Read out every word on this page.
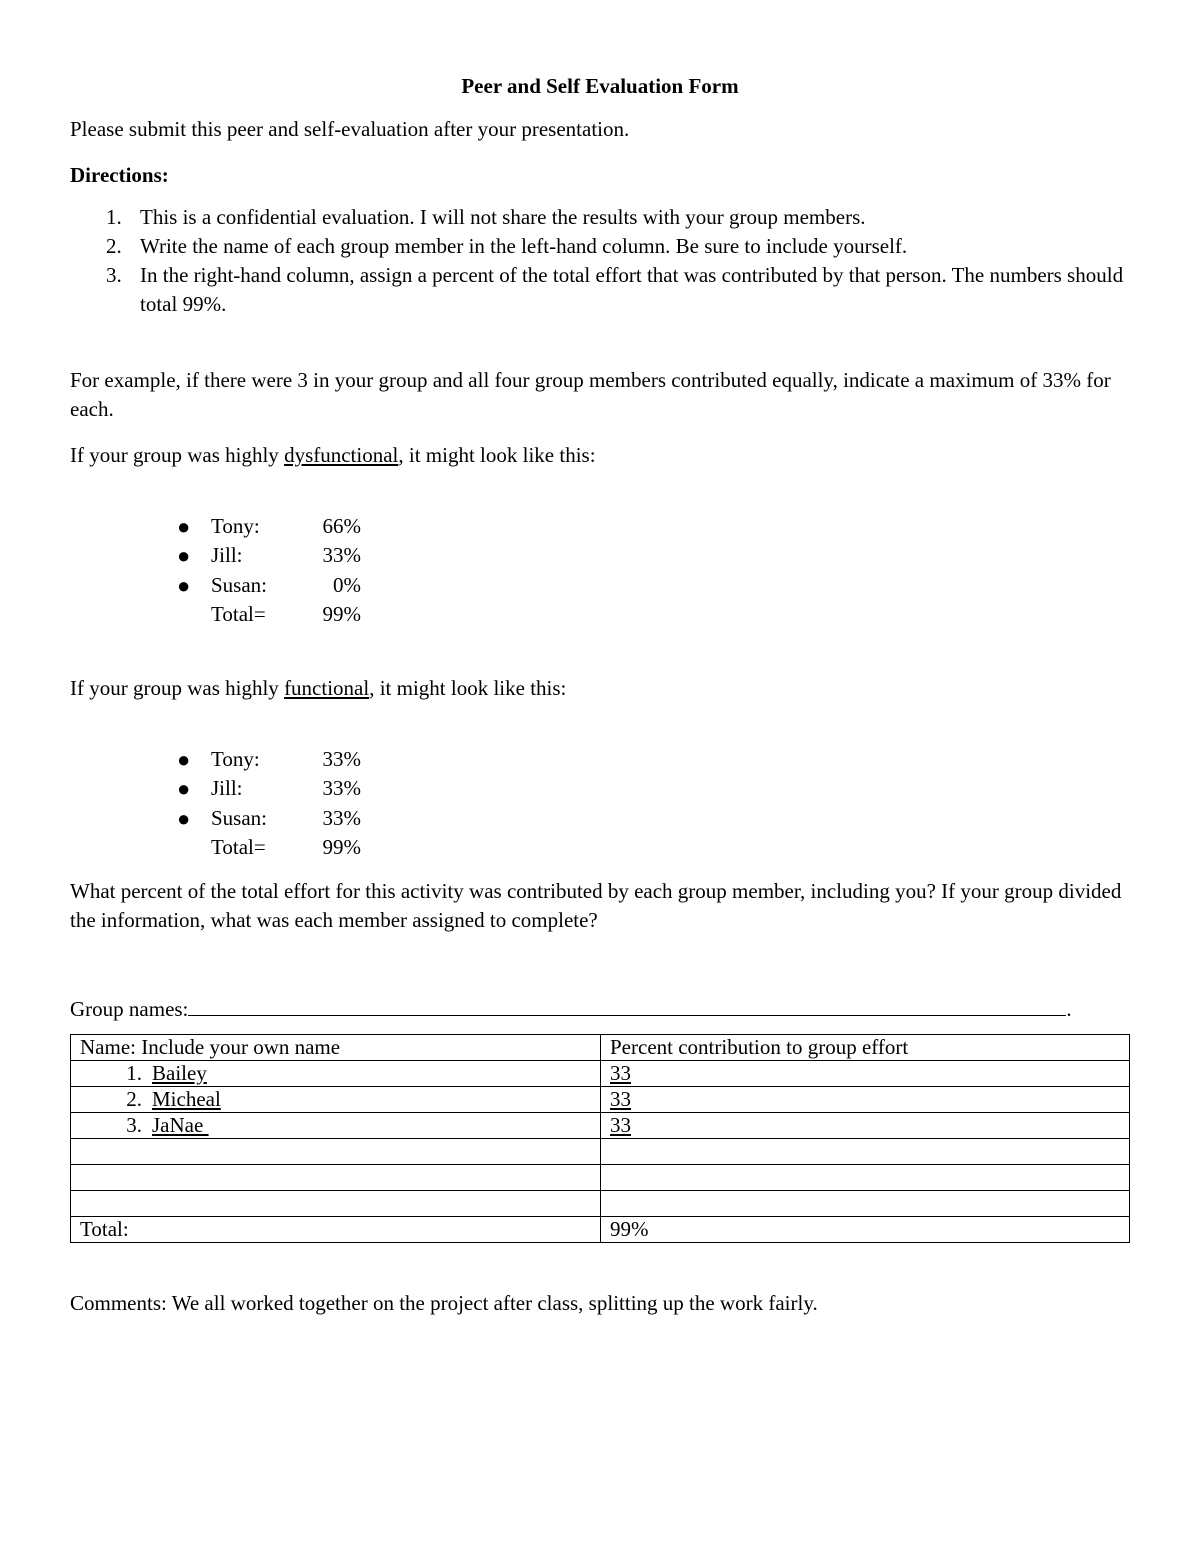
Peer and Self Evaluation Form

Please submit this peer and self-evaluation after your presentation.

Directions:

1. This is a confidential evaluation. I will not share the results with your group members.
2. Write the name of each group member in the left-hand column. Be sure to include yourself.
3. In the right-hand column, assign a percent of the total effort that was contributed by that person. The numbers should total 99%.

For example, if there were 3 in your group and all four group members contributed equally, indicate a maximum of 33% for each.

If your group was highly dysfunctional, it might look like this:

● Tony:	66%
● Jill:	33%
● Susan:	0%
Total=	99%

If your group was highly functional, it might look like this:

● Tony:	33%
● Jill:	33%
● Susan:	33%
Total=	99%

What percent of the total effort for this activity was contributed by each group member, including you? If your group divided the information, what was each member assigned to complete?

Group names:	.

Name: Include your own name	Percent contribution to group effort
1. Bailey	33
2. Micheal	33
3. JaNae	33

Total:	99%

Comments: We all worked together on the project after class, splitting up the work fairly.
